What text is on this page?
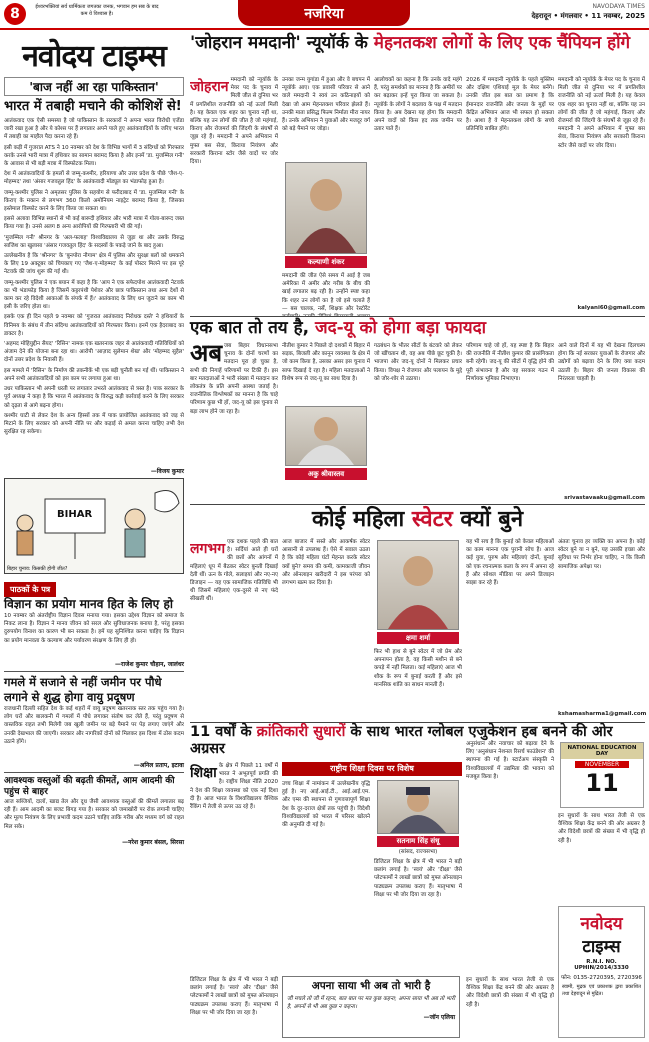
8	ईश्वरभक्तियां सर्व धार्मिकता जगतका जनक, भगवान हम सब के बाद कम ये विश्वास है।	नजरिया	NAVODAYA TIMES
देहरादून • मंगलवार • 11 नवम्बर, 2025
नवोदय टाइम्स
'बाज नहीं आ रहा पाकिस्तान'
भारत में तबाही मचाने की कोशिशें से!

आतंकवाद एक ऐसी समस्या है जो पाकिस्तान के सरकारों ने अपना भारत विरोधी एजेंडा जारी रखा हुआ है और ये कोश्‍स पर हैं लगातार अपने पाले हुए आतंकवादियों के जरिए भारत में तबाही का माहौल पैदा करना रहे हैं।

इसी कड़ी में गुजरात ATS ने 10 नवम्बर को देश के विभिन्न भागों में 3 संदिग्धों को गिरफ्तार करके उनसे भारी मात्रा में हथियार का सामान बरामद किया है और इनमें 'डा. मुजम्मिल गनी' के आवास से भी बड़ी मात्रा में विस्फोटक मिला।

देश में आतंकवादियों के हमलों से जम्मू-कश्मीर, हरियाणा और उत्तर प्रदेश के पीछे 'जैश-ए-मोहम्मद' तथा 'अंसार गजवतुल हिंद' के आतंकवादी मॉड्यूल का भंडाफोड़ हुआ है।

जम्मू-कश्मीर पुलिस ने अमृतसर पुलिस के सहयोग से फरीदाबाद में 'डा. मुजम्मिल गनी' के किराए के मकान से लगभग 360 किलो अमोनियम नाइट्रेट बरामद किया है, जिसका इस्तेमाल विस्फोट करने के लिए किया जा सकता था।

इससे अलावा विभिन्न स्थानों से भी कई बारूदी हथियार और भारी मात्रा में गोला-बारूद जब्त किया गया है। उनसे अलग 8 अन्य आरोपियों की गिरफ्तारी भी की गई।

'मुजम्मिल गनी' श्रीनगर के 'अल-फलाह' विश्वविद्यालय से जुड़ा था और उसके विरुद्ध साजिश का खुलासा 'अंसार गजवतुल हिंद' के सदस्यों के पकड़े जाने के बाद हुआ।

उल्लेखनीय है कि 'श्रीनगर' के 'बुनपोरा नौगाम' क्षेत्र में पुलिस और सुरक्षा बलों को धमकाने के लिए 19 अक्टूबर को चिपकाए गए 'जैश-ए-मोहम्मद' के कई पोस्टर मिलने पर इस पूरे नेटवर्क की जांच शुरू की गई थी।

जम्मू-कश्मीर पुलिस ने एक बयान में कहा है कि 'आप ने एक सफेदपोश आतंकवादी नेटवर्क का भी भंडाफोड़ किया है जिसमें कट्टरपंथी पेशेवर और छात्र पाकिस्तान तथा अन्य देशों से काम कर रहे विदेशी आकाओं के संपर्क में हैं।' आतंकवाद के लिए धन जुटाने का काम भी इसी के जरिए होता था।

इसके एक ही दिन पहले 9 नवम्बर को 'गुजरात आतंकवाद निरोधक दस्ते' ने हथियारों के विनिमय के संबंध में तीन संदिग्ध आतंकवादियों को गिरफ्तार किया। इनमें एक हैदराबाद का डाक्टर है।

'अहमद मोहियुद्दीन सैयद' 'रिसिन' नामक एक खतरनाक जहर से आतंकवादी गतिविधियों को अंजाम देने की योजना बना रहा था। आरोपी 'आज़ाद सुलेमान शेख' और 'मोहम्मद सुहैल' दोनों उत्तर प्रदेश के निवासी हैं।

इस मामले में 'रिसिन' के निर्माण की तकनीकें भी एक बड़ी चुनौती बन गई थीं। पाकिस्तान ने अपने सभी आतंकवादियों को इस काम पर लगाया हुआ था।

उधर पाकिस्तान भी अपनी धरती पर लगातार उभरते आतंकवाद से त्रस्त है। पाक सरकार के पूर्व अध्यक्ष ने कहा है कि भारत में आतंकवाद के विरुद्ध कड़ी कार्रवाई करने के लिए सरकार को दृढ़ता से आगे बढ़ना होगा।

कश्मीर घाटी से लेकर देश के अन्य हिस्सों तक में पाक प्रायोजित आतंकवाद को जड़ से मिटाने के लिए सरकार को अपनी नीति पर और कड़ाई से अमल करना चाहिए तभी देश सुरक्षित रह सकेगा।

—विजय कुमार
BIHAR
बिहार चुनाव: किसकी होगी जीत?
पाठकों के पत्र
विज्ञान का प्रयोग मानव हित के लिए हो
10 नवम्बर को अंतर्राष्ट्रीय विज्ञान दिवस मनाया गया। इसका उद्देश्य विज्ञान को समाज के निकट लाना है। विज्ञान ने मानव जीवन को सरल और सुविधाजनक बनाया है, परंतु इसका दुरुपयोग विनाश का कारण भी बन सकता है। हमें यह सुनिश्चित करना चाहिए कि विज्ञान का प्रयोग मानवता के कल्याण और पर्यावरण संरक्षण के लिए ही हो।
—राजेश कुमार चौहान, जालंधर
गमले में सजाने से नहीं जमीन पर पौधे लगाने से शुद्ध होगा वायु प्रदूषण
राजधानी दिल्ली सहित देश के कई शहरों में वायु प्रदूषण खतरनाक स्तर तक पहुंच गया है। लोग घरों और बालकनी में गमलों में पौधे लगाकर संतोष कर लेते हैं, परंतु प्रदूषण से वास्तविक राहत तभी मिलेगी जब खुली जमीन पर बड़े पैमाने पर पेड़ लगाए जाएंगे और उनकी देखभाल की जाएगी। सरकार और नागरिकों दोनों को मिलकर इस दिशा में ठोस कदम उठाने होंगे।
—अनिल प्रताप, इटावा
आवश्यक वस्तुओं की बढ़ती कीमतें, आम आदमी की पहुंच से बाहर
आज सब्जियों, दालों, खाद्य तेल और दूध जैसी आवश्यक वस्तुओं की कीमतें लगातार बढ़ रही हैं। आम आदमी का बजट बिगड़ गया है। सरकार को जमाखोरी पर रोक लगानी चाहिए और मूल्य नियंत्रण के लिए प्रभावी कदम उठाने चाहिए ताकि गरीब और मध्यम वर्ग को राहत मिल सके।
—नरेश कुमार बंसल, सिरसा
'जोहरान ममदानी' न्यूयॉर्क के मेहनतकश लोगों के लिए एक चैंपियन होंगे
जोहरान ममदानी को न्यूयॉर्क के मेयर पद के चुनाव में मिली जीत से दुनिया भर में प्रगतिशील राजनीति को नई ऊर्जा मिली है। यह केवल एक शहर का चुनाव नहीं था, बल्कि यह उन लोगों की जीत है जो महंगाई, किराए और रोजमर्रा की जिंदगी के संघर्षों से जूझ रहे हैं। ममदानी ने अपने अभियान में मुफ्त बस सेवा, किराया नियंत्रण और सरकारी किराना स्टोर जैसे वादों पर जोर दिया।
उनका जन्म युगांडा में हुआ और वे बचपन में न्यूयॉर्क आए। एक प्रवासी परिवार से आने वाले ममदानी ने स्वयं उन कठिनाइयों को देखा जो आम मेहनतकश परिवार झेलते हैं। उनकी माता प्रसिद्ध फिल्म निर्माता मीरा नायर हैं। उनके अभियान ने युवाओं और मजदूर वर्ग को बड़े पैमाने पर जोड़ा।
कल्याणी शंकर
ममदानी की जीत ऐसे समय में आई है जब अमेरिका में अमीर और गरीब के बीच की खाई लगातार बढ़ रही है। उन्होंने स्पष्ट कहा कि शहर उन लोगों का है जो इसे चलाते हैं — बस चालक, नर्सें, शिक्षक और रेस्टोरेंट
आलोचकों का कहना है कि उनके वादे महंगे हैं, परंतु समर्थकों का मानना है कि अमीरों पर कर बढ़ाकर इन्हें पूरा किया जा सकता है। न्यूयॉर्क के लोगों ने बदलाव के पक्ष में मतदान किया है। अब देखना यह होगा कि ममदानी अपने वादों को किस हद तक जमीन पर उतार पाते हैं।
2026 में ममदानी न्यूयॉर्क के पहले मुस्लिम और दक्षिण एशियाई मूल के मेयर बनेंगे। उनकी जीत इस बात का प्रमाण है कि ईमानदार राजनीति और जनता के मुद्दों पर केंद्रित अभियान आज भी सफल हो सकता है। आशा है वे मेहनतकश लोगों के सच्चे प्रतिनिधि साबित होंगे।
ममदानी को न्यूयॉर्क के मेयर पद के चुनाव में मिली जीत से दुनिया भर में प्रगतिशील राजनीति को नई ऊर्जा मिली है। यह केवल एक शहर का चुनाव नहीं था, बल्कि यह उन लोगों की जीत है जो महंगाई, किराए और रोजमर्रा की जिंदगी के संघर्षों से जूझ रहे हैं। ममदानी ने अपने अभियान में मुफ्त बस सेवा, किराया नियंत्रण और सरकारी किराना स्टोर जैसे वादों पर जोर दिया।
kalyani60@gmail.com
एक बात तो तय है, जद-यू को होगा बड़ा फायदा
अब जब बिहार विधानसभा चुनाव के दोनों चरणों का मतदान पूरा हो चुका है, सभी की निगाहें परिणामों पर टिकी हैं। इस बार मतदाताओं ने भारी संख्या में मतदान कर लोकतंत्र के प्रति अपनी आस्था जताई है। राजनीतिक विश्लेषकों का मानना है कि चाहे परिणाम कुछ भी हों, जद-यू को इस चुनाव से बड़ा लाभ होने जा रहा है।
नीतीश कुमार ने पिछले दो दशकों में बिहार में सड़क, बिजली और कानून व्यवस्था के क्षेत्र में जो काम किया है, उसका असर इस चुनाव में साफ दिखाई दे रहा है। महिला मतदाताओं ने विशेष रूप से जद-यू का साथ दिया है।
अकु श्रीवास्तव
गठबंधन के भीतर सीटों के बंटवारे को लेकर जो खींचतान थी, वह अब पीछे छूट चुकी है। भाजपा और जद-यू दोनों ने मिलकर प्रचार किया। विपक्ष ने रोजगार और पलायन के मुद्दे को जोर-शोर से उठाया।
परिणाम चाहे जो हों, यह स्पष्ट है कि बिहार की राजनीति में नीतीश कुमार की प्रासंगिकता बनी रहेगी। जद-यू की सीटों में वृद्धि होने की पूरी संभावना है और वह सरकार गठन में निर्णायक भूमिका निभाएगा।
आने वाले दिनों में यह भी देखना दिलचस्प होगा कि नई सरकार युवाओं के रोजगार और उद्योगों को बढ़ावा देने के लिए क्या कदम उठाती है। बिहार की जनता विकास की निरंतरता चाहती है।
srivastavaaku@gmail.com
कोई महिला स्वेटर क्यों बुने
लगभग एक दशक पहले की बात है। सर्दियां आते ही घरों की छतों और आंगनों में महिलाएं धूप में बैठकर स्वेटर बुनती दिखाई देती थीं। ऊन के गोले, सलाइयां और नए-नए डिजाइन — यह एक सामाजिक गतिविधि भी थी जिसमें महिलाएं एक-दूसरे से नए फंदे सीखती थीं।
आज बाजार में सस्ते और आकर्षक स्वेटर आसानी से उपलब्ध हैं। ऐसे में सवाल उठता है कि कोई महिला घंटों मेहनत करके स्वेटर क्यों बुने? समय की कमी, कामकाजी जीवन और ऑनलाइन खरीदारी ने इस परंपरा को लगभग खत्म कर दिया है।
क्षमा शर्मा
फिर भी हाथ से बुने स्वेटर में जो प्रेम और अपनापन होता है, वह किसी मशीन से बने कपड़े में नहीं मिलता। कई महिलाएं आज भी शौक के रूप में बुनाई करती हैं और इसे मानसिक शांति का साधन मानती हैं।
यह भी सच है कि बुनाई को केवल महिलाओं का काम मानना एक पुरानी सोच है। आज कई युवा, पुरुष और महिलाएं दोनों, बुनाई को एक रचनात्मक कला के रूप में अपना रहे हैं और सोशल मीडिया पर अपने डिजाइन साझा कर रहे हैं।
अंततः चुनाव हर व्यक्ति का अपना है। कोई स्वेटर बुने या न बुने, यह उसकी इच्छा और सुविधा पर निर्भर होना चाहिए, न कि किसी सामाजिक अपेक्षा पर।
kshamasharma1@gmail.com
11 वर्षों के क्रांतिकारी सुधारों के साथ भारत ग्लोबल एजुकेशन हब बनने की ओर अग्रसर
शिक्षा के क्षेत्र में पिछले 11 वर्षों में भारत ने अभूतपूर्व प्रगति की है। राष्ट्रीय शिक्षा नीति 2020 ने देश की शिक्षा व्यवस्था को एक नई दिशा दी है। आज भारत के विश्वविद्यालय वैश्विक रैंकिंग में तेजी से ऊपर उठ रहे हैं।
राष्ट्रीय शिक्षा दिवस पर विशेष
उच्च शिक्षा में नामांकन में उल्लेखनीय वृद्धि हुई है। नए आई.आई.टी., आई.आई.एम. और एम्स की स्थापना से गुणवत्तापूर्ण शिक्षा देश के दूर-दराज क्षेत्रों तक पहुंची है। विदेशी विश्वविद्यालयों को भारत में परिसर खोलने की अनुमति दी गई है।
सतनाम सिंह संधू
(सांसद, राज्यसभा)
डिजिटल शिक्षा के क्षेत्र में भी भारत ने बड़ी छलांग लगाई है। 'स्वयं' और 'दीक्षा' जैसे प्लेटफार्मों ने लाखों छात्रों को मुफ्त ऑनलाइन पाठ्यक्रम उपलब्ध कराए हैं। मातृभाषा में शिक्षा पर भी जोर दिया जा रहा है।
अनुसंधान और नवाचार को बढ़ावा देने के लिए 'अनुसंधान नेशनल रिसर्च फाउंडेशन' की स्थापना की गई है। स्टार्टअप संस्कृति ने विश्वविद्यालयों में उद्यमिता की भावना को मजबूत किया है।
NATIONAL EDUCATION DAY
NOVEMBER
11
इन सुधारों के साथ भारत तेजी से एक वैश्विक शिक्षा केंद्र बनने की ओर अग्रसर है और विदेशी छात्रों की संख्या में भी वृद्धि हो रही है।
अपना साया भी अब तो भारी है
जी मचले तो जी में रहना, बात बात पर मत कुछ कहना; अपना साया भी अब तो भारी है, अपनों से भी अब कुछ न कहना।
—जॉन एलिया
डिजिटल शिक्षा के क्षेत्र में भी भारत ने बड़ी छलांग लगाई है। 'स्वयं' और 'दीक्षा' जैसे प्लेटफार्मों ने लाखों छात्रों को मुफ्त ऑनलाइन पाठ्यक्रम उपलब्ध कराए हैं। मातृभाषा में शिक्षा पर भी जोर दिया जा रहा है।
इन सुधारों के साथ भारत तेजी से एक वैश्विक शिक्षा केंद्र बनने की ओर अग्रसर है और विदेशी छात्रों की संख्या में भी वृद्धि हो रही है।
नवोदय टाइम्स
R.N.I. NO. UPHIN/2014/3330
फोन: 0135-2720395, 2720396
स्वामी, मुद्रक एवं प्रकाशक द्वारा प्रकाशित तथा देहरादून से मुद्रित।
